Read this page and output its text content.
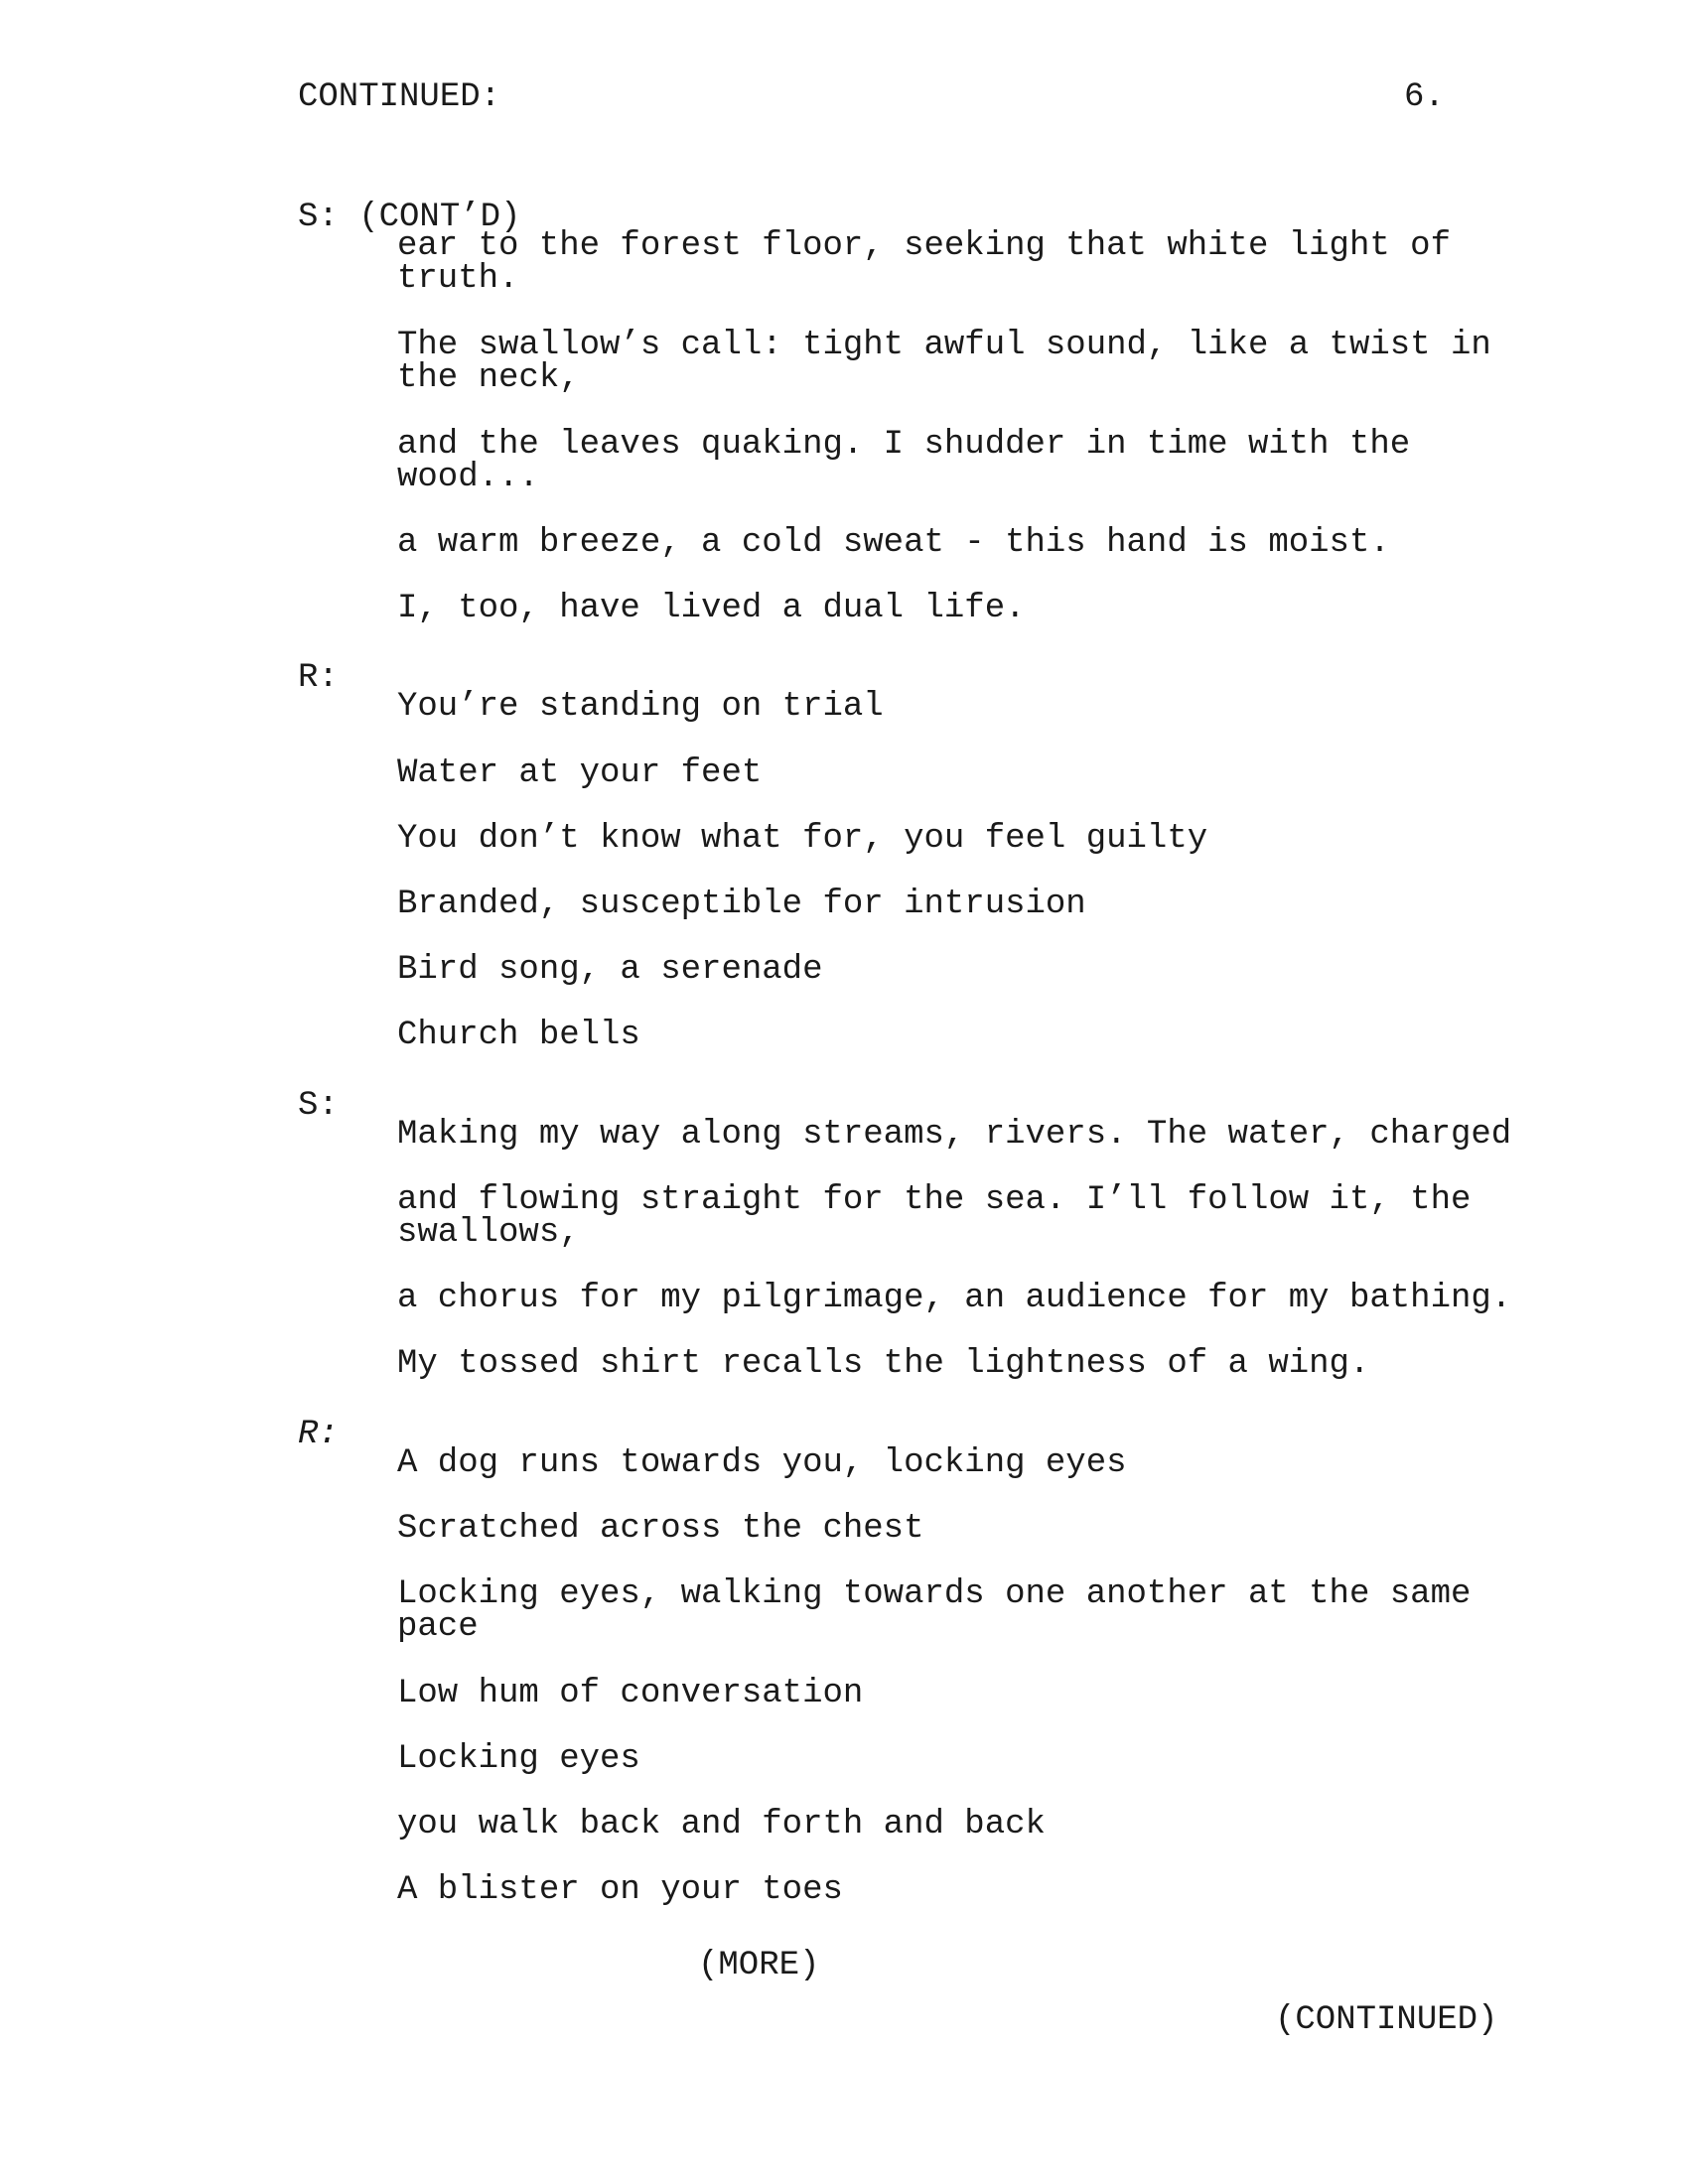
CONTINUED:	6.
S: (CONT’D)
ear to the forest floor, seeking that white light of truth.
The swallow’s call: tight awful sound, like a twist in the neck,
and the leaves quaking. I shudder in time with the wood...
a warm breeze, a cold sweat - this hand is moist.
I, too, have lived a dual life.
R:
You’re standing on trial
Water at your feet
You don’t know what for, you feel guilty
Branded, susceptible for intrusion
Bird song, a serenade
Church bells
S:
Making my way along streams, rivers. The water, charged
and flowing straight for the sea. I’ll follow it, the swallows,
a chorus for my pilgrimage, an audience for my bathing.
My tossed shirt recalls the lightness of a wing.
R:
A dog runs towards you, locking eyes
Scratched across the chest
Locking eyes, walking towards one another at the same pace
Low hum of conversation
Locking eyes
you walk back and forth and back
A blister on your toes
(MORE)
(CONTINUED)
